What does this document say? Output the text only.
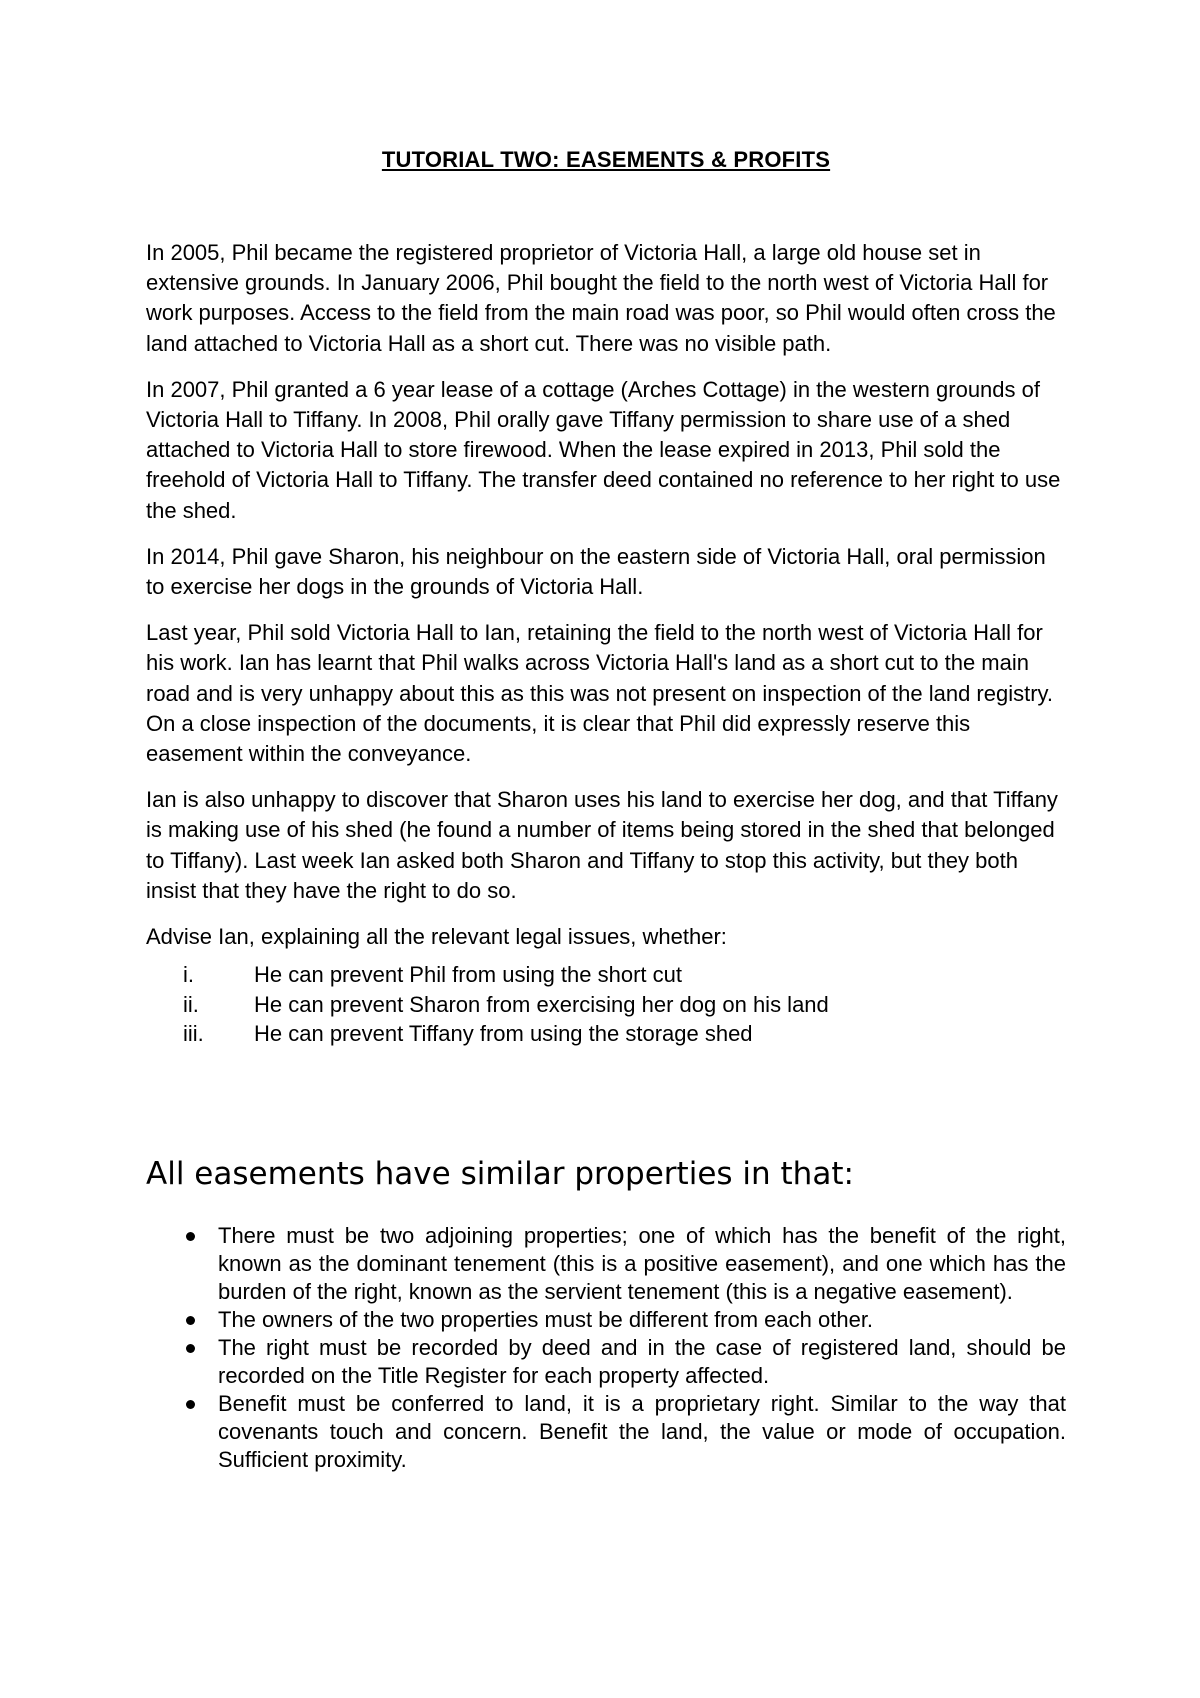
TUTORIAL TWO: EASEMENTS & PROFITS

In 2005, Phil became the registered proprietor of Victoria Hall, a large old house set in extensive grounds. In January 2006, Phil bought the field to the north west of Victoria Hall for work purposes. Access to the field from the main road was poor, so Phil would often cross the land attached to Victoria Hall as a short cut. There was no visible path.

In 2007, Phil granted a 6 year lease of a cottage (Arches Cottage) in the western grounds of Victoria Hall to Tiffany. In 2008, Phil orally gave Tiffany permission to share use of a shed attached to Victoria Hall to store firewood. When the lease expired in 2013, Phil sold the freehold of Victoria Hall to Tiffany. The transfer deed contained no reference to her right to use the shed.

In 2014, Phil gave Sharon, his neighbour on the eastern side of Victoria Hall, oral permission to exercise her dogs in the grounds of Victoria Hall.

Last year, Phil sold Victoria Hall to Ian, retaining the field to the north west of Victoria Hall for his work. Ian has learnt that Phil walks across Victoria Hall's land as a short cut to the main road and is very unhappy about this as this was not present on inspection of the land registry. On a close inspection of the documents, it is clear that Phil did expressly reserve this easement within the conveyance.

Ian is also unhappy to discover that Sharon uses his land to exercise her dog, and that Tiffany is making use of his shed (he found a number of items being stored in the shed that belonged to Tiffany). Last week Ian asked both Sharon and Tiffany to stop this activity, but they both insist that they have the right to do so.

Advise Ian, explaining all the relevant legal issues, whether:

i.	He can prevent Phil from using the short cut
ii.	He can prevent Sharon from exercising her dog on his land
iii.	He can prevent Tiffany from using the storage shed
All easements have similar properties in that:
There must be two adjoining properties; one of which has the benefit of the right, known as the dominant tenement (this is a positive easement), and one which has the burden of the right, known as the servient tenement (this is a negative easement).
The owners of the two properties must be different from each other.
The right must be recorded by deed and in the case of registered land, should be recorded on the Title Register for each property affected.
Benefit must be conferred to land, it is a proprietary right. Similar to the way that covenants touch and concern. Benefit the land, the value or mode of occupation. Sufficient proximity.
